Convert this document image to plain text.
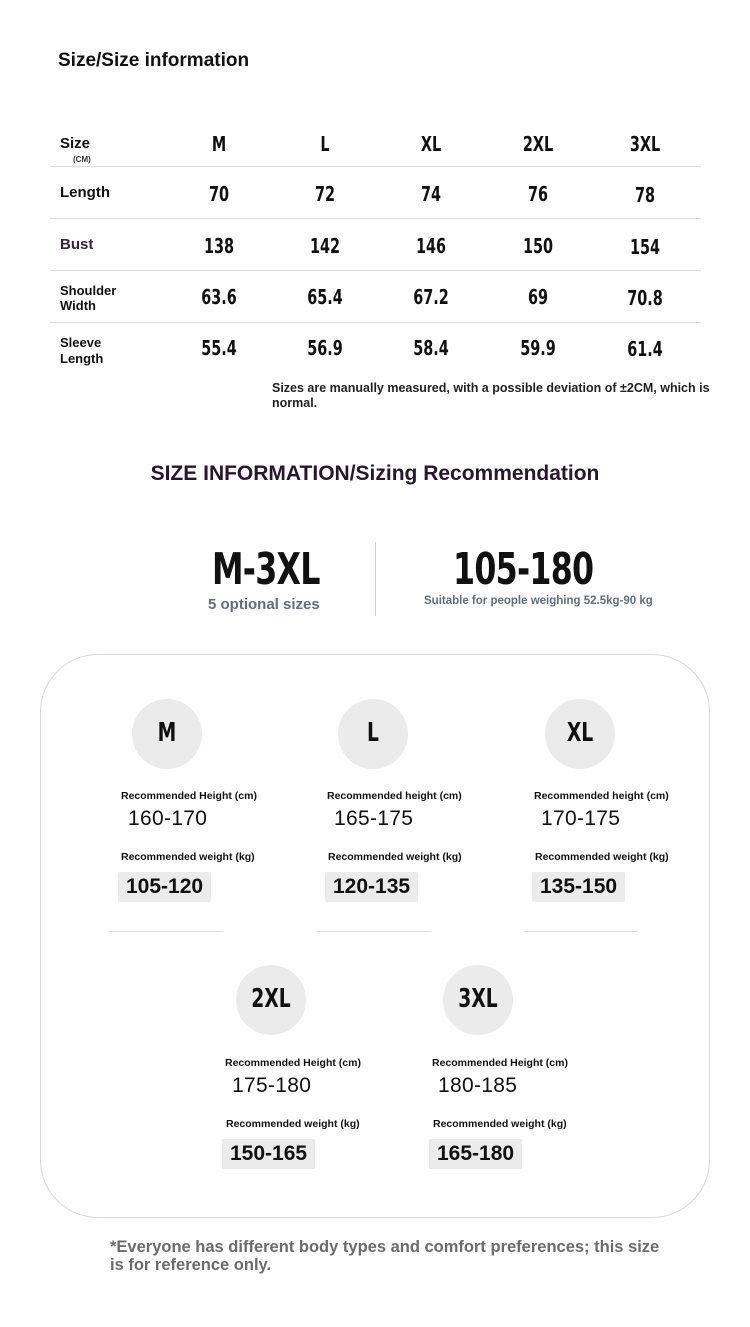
Size/Size information
Size
(CM)
M	L	XL	2XL	3XL
Length	70	72	74	76	78
Bust	138	142	146	150	154
Shoulder Width	63.6	65.4	67.2	69	70.8
Sleeve Length	55.4	56.9	58.4	59.9	61.4
Sizes are manually measured, with a possible deviation of ±2CM, which is normal.
SIZE INFORMATION/Sizing Recommendation
M-3XL
5 optional sizes
105-180
Suitable for people weighing 52.5kg-90 kg
M
Recommended Height (cm)
160-170
Recommended weight (kg)
105-120
L
Recommended height (cm)
165-175
Recommended weight (kg)
120-135
XL
Recommended height (cm)
170-175
Recommended weight (kg)
135-150
2XL
Recommended Height (cm)
175-180
Recommended weight (kg)
150-165
3XL
Recommended Height (cm)
180-185
Recommended weight (kg)
165-180
*Everyone has different body types and comfort preferences; this size is for reference only.
